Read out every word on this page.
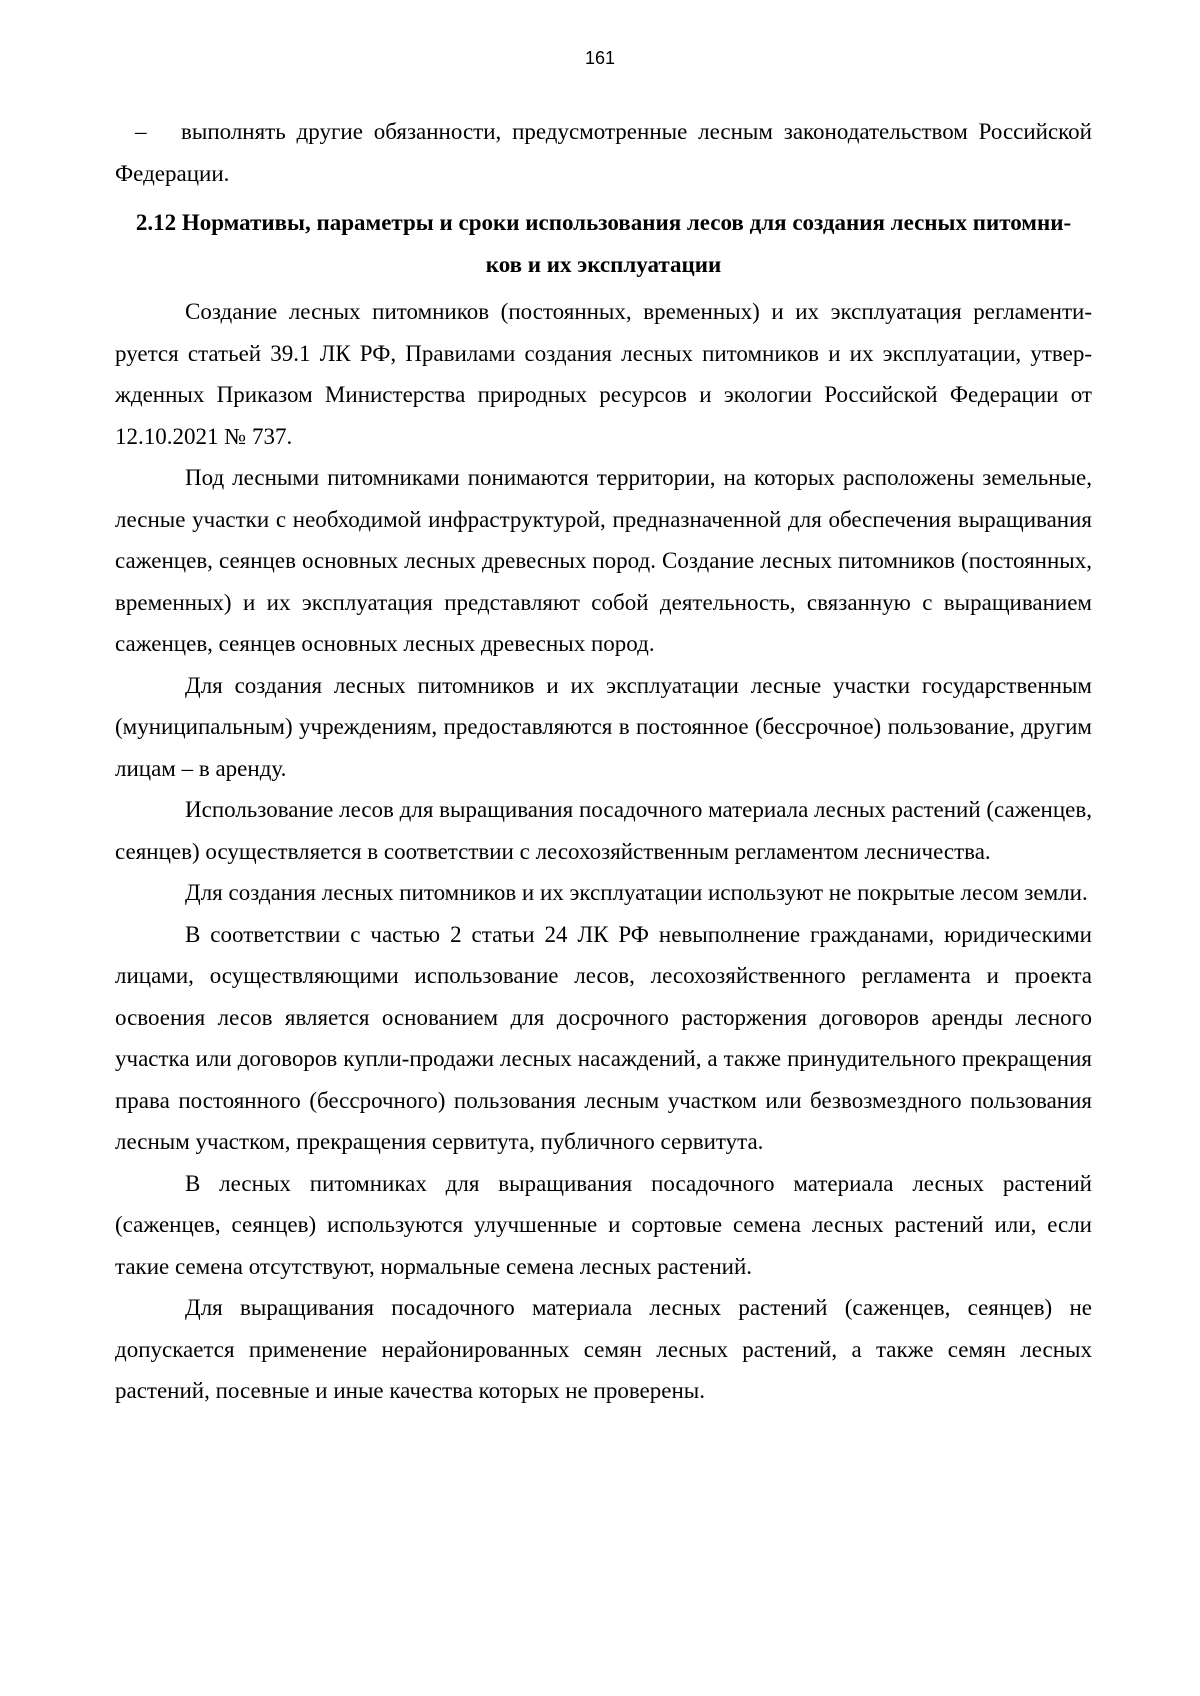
161

– выполнять другие обязанности, предусмотренные лесным законодательством Российской Федерации.

2.12 Нормативы, параметры и сроки использования лесов для создания лесных питомников и их эксплуатации

Создание лесных питомников (постоянных, временных) и их эксплуатация регламентируется статьей 39.1 ЛК РФ, Правилами создания лесных питомников и их эксплуатации, утвержденных Приказом Министерства природных ресурсов и экологии Российской Федерации от 12.10.2021 № 737.

Под лесными питомниками понимаются территории, на которых расположены земельные, лесные участки с необходимой инфраструктурой, предназначенной для обеспечения выращивания саженцев, сеянцев основных лесных древесных пород. Создание лесных питомников (постоянных, временных) и их эксплуатация представляют собой деятельность, связанную с выращиванием саженцев, сеянцев основных лесных древесных пород.

Для создания лесных питомников и их эксплуатации лесные участки государственным (муниципальным) учреждениям, предоставляются в постоянное (бессрочное) пользование, другим лицам – в аренду.

Использование лесов для выращивания посадочного материала лесных растений (саженцев, сеянцев) осуществляется в соответствии с лесохозяйственным регламентом лесничества.

Для создания лесных питомников и их эксплуатации используют не покрытые лесом земли.

В соответствии с частью 2 статьи 24 ЛК РФ невыполнение гражданами, юридическими лицами, осуществляющими использование лесов, лесохозяйственного регламента и проекта освоения лесов является основанием для досрочного расторжения договоров аренды лесного участка или договоров купли-продажи лесных насаждений, а также принудительного прекращения права постоянного (бессрочного) пользования лесным участком или безвозмездного пользования лесным участком, прекращения сервитута, публичного сервитута.

В лесных питомниках для выращивания посадочного материала лесных растений (саженцев, сеянцев) используются улучшенные и сортовые семена лесных растений или, если такие семена отсутствуют, нормальные семена лесных растений.

Для выращивания посадочного материала лесных растений (саженцев, сеянцев) не допускается применение нерайонированных семян лесных растений, а также семян лесных растений, посевные и иные качества которых не проверены.
